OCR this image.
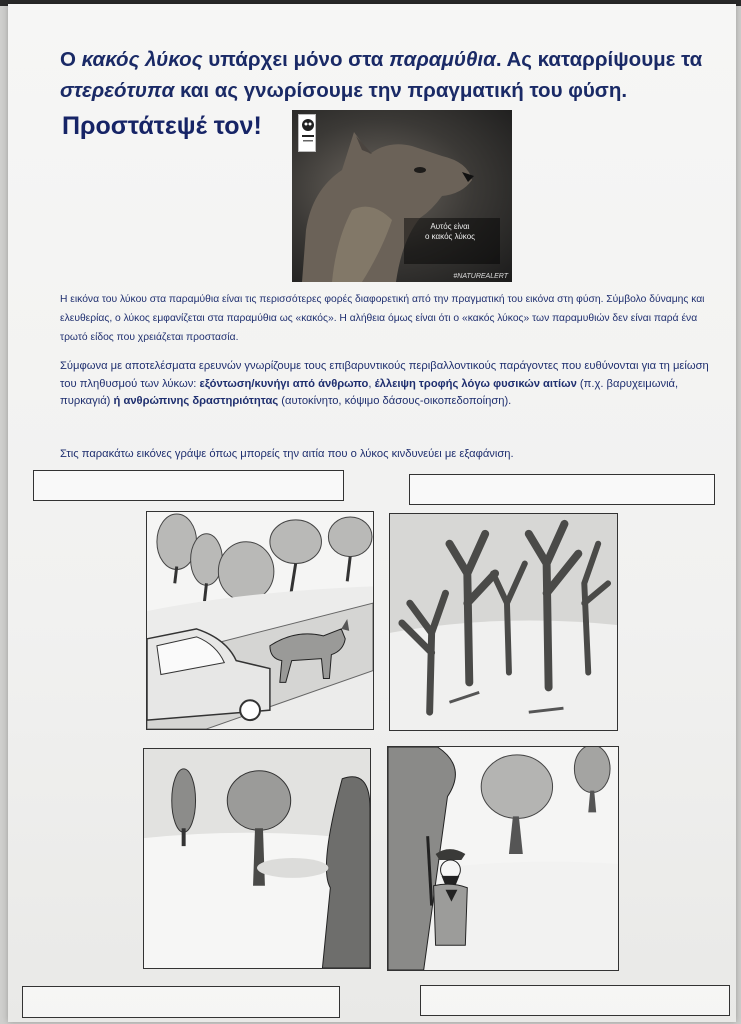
Ο κακός λύκος υπάρχει μόνο στα παραμύθια. Ας καταρρίψουμε τα
στερεότυπα και ας γνωρίσουμε την πραγματική του φύση.
Προστάτεψέ τον!
Αυτός είναι
ο κακός λύκος
#NATUREALERT
Η εικόνα του λύκου στα παραμύθια είναι τις περισσότερες φορές διαφορετική από την πραγματική του εικόνα στη φύση. Σύμβολο δύναμης και ελευθερίας, ο λύκος εμφανίζεται στα παραμύθια ως «κακός». Η αλήθεια όμως είναι ότι ο «κακός λύκος» των παραμυθιών δεν είναι παρά ένα τρωτό είδος που χρειάζεται προστασία.
Σύμφωνα με αποτελέσματα ερευνών γνωρίζουμε τους επιβαρυντικούς περιβαλλοντικούς παράγοντες που ευθύνονται για τη μείωση του πληθυσμού των λύκων: εξόντωση/κυνήγι από άνθρωπο, έλλειψη τροφής λόγω φυσικών αιτίων (π.χ. βαρυχειμωνιά, πυρκαγιά) ή ανθρώπινης δραστηριότητας (αυτοκίνητο, κόψιμο δάσους-οικοπεδοποίηση).
Στις παρακάτω εικόνες γράψε όπως μπορείς την αιτία που ο λύκος κινδυνεύει με εξαφάνιση.
